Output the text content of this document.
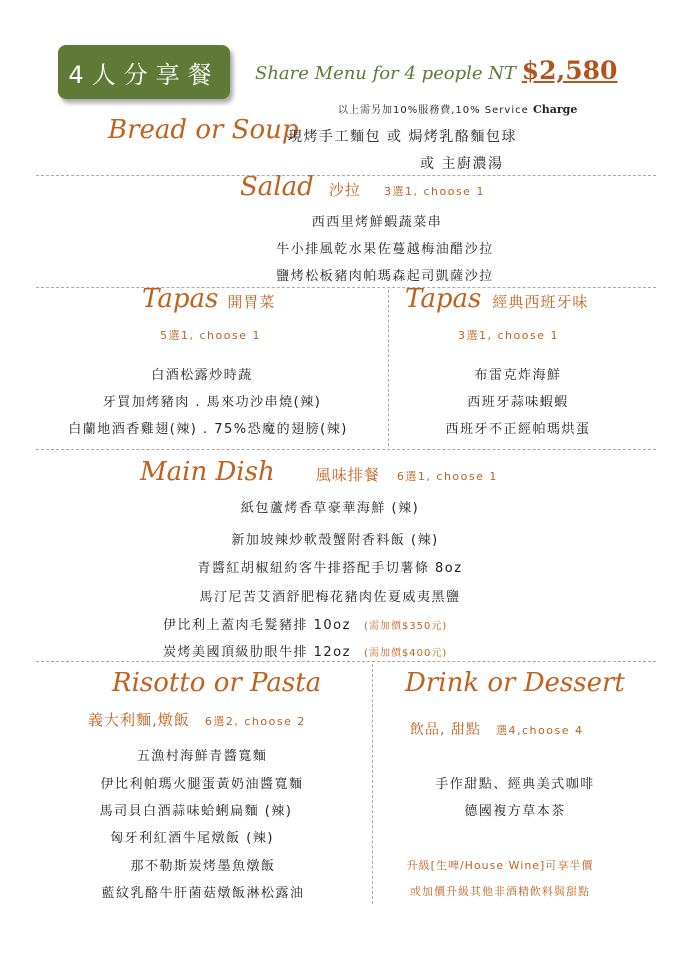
4人分享餐	Share Menu for 4 people NT $2,580
以上需另加10%服務費,10% Service Charge
Bread or Soup
現烤手工麵包 或 焗烤乳酪麵包球
或 主廚濃湯
Salad 沙拉 3選1, choose 1
西西里烤鮮蝦蔬菜串
牛小排風乾水果佐蔓越梅油醋沙拉
鹽烤松板豬肉帕瑪森起司凱薩沙拉
Tapas 開胃菜
5選1, choose 1
白酒松露炒時蔬
牙買加烤豬肉 . 馬來功沙串燒(辣)
白蘭地酒香雞翅(辣) . 75%恐魔的翅膀(辣)
Tapas 經典西班牙味
3選1, choose 1
布雷克炸海鮮
西班牙蒜味蝦蝦
西班牙不正經帕瑪烘蛋
Main Dish	風味排餐 6選1, choose 1
紙包蘆烤香草豪華海鮮 (辣)
新加坡辣炒軟殼蟹附香料飯 (辣)
青醬紅胡椒紐約客牛排搭配手切薯條 8oz
馬汀尼苦艾酒舒肥梅花豬肉佐夏威夷黑鹽
伊比利上蓋肉毛髮豬排 10oz (需加價$350元)
炭烤美國頂級肋眼牛排 12oz (需加價$400元)
Risotto or Pasta
義大利麵,燉飯 6選2, choose 2
五漁村海鮮青醬寬麵
伊比利帕瑪火腿蛋黃奶油醬寬麵
馬司貝白酒蒜味蛤蜊扁麵 (辣)
匈牙利紅酒牛尾燉飯 (辣)
那不勒斯炭烤墨魚燉飯
藍紋乳酪牛肝菌菇燉飯淋松露油
Drink or Dessert
飲品, 甜點 選4,choose 4
手作甜點、經典美式咖啡
德國複方草本茶
升級[生啤/House Wine]可享半價
或加價升級其他非酒精飲料與甜點
